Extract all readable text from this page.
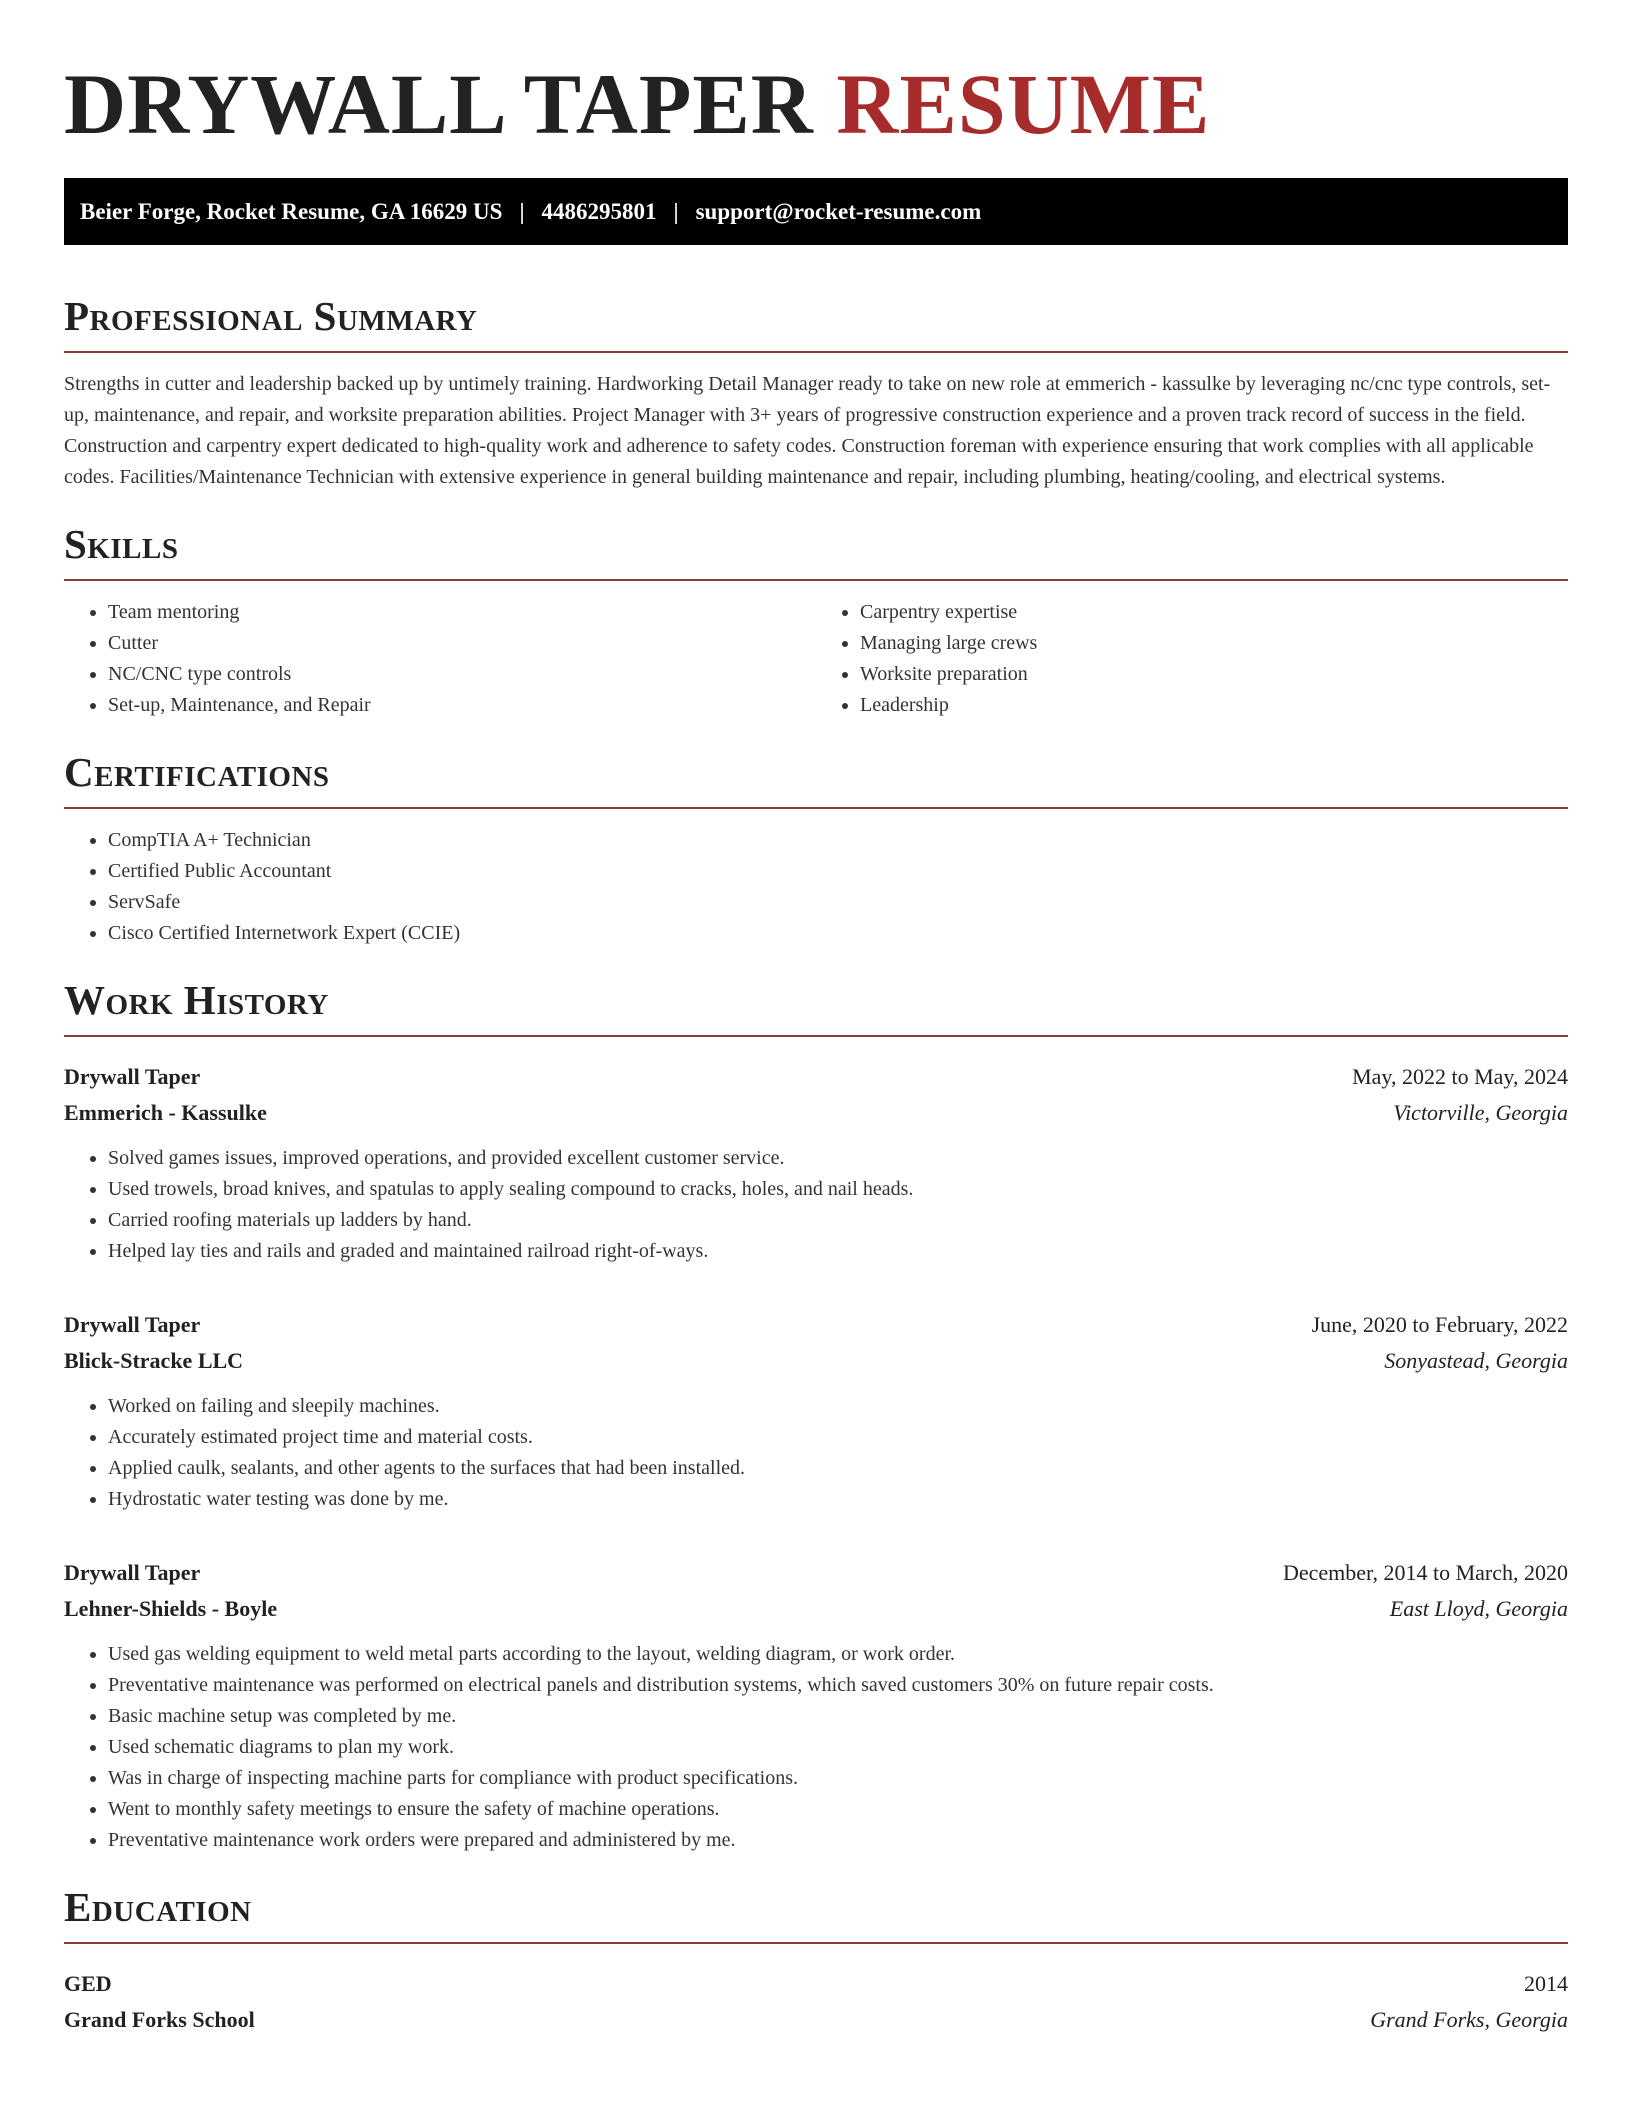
DRYWALL TAPER RESUME
Beier Forge, Rocket Resume, GA 16629 US | 4486295801 | support@rocket-resume.com
Professional Summary

Strengths in cutter and leadership backed up by untimely training. Hardworking Detail Manager ready to take on new role at emmerich - kassulke by leveraging nc/cnc type controls, set-up, maintenance, and repair, and worksite preparation abilities. Project Manager with 3+ years of progressive construction experience and a proven track record of success in the field. Construction and carpentry expert dedicated to high-quality work and adherence to safety codes. Construction foreman with experience ensuring that work complies with all applicable codes. Facilities/Maintenance Technician with extensive experience in general building maintenance and repair, including plumbing, heating/cooling, and electrical systems.

Skills
• Team mentoring
• Cutter
• NC/CNC type controls
• Set-up, Maintenance, and Repair
• Carpentry expertise
• Managing large crews
• Worksite preparation
• Leadership
Certifications
• CompTIA A+ Technician
• Certified Public Accountant
• ServSafe
• Cisco Certified Internetwork Expert (CCIE)
Work History
Drywall Taper	May, 2022 to May, 2024
Emmerich - Kassulke	Victorville, Georgia
• Solved games issues, improved operations, and provided excellent customer service.
• Used trowels, broad knives, and spatulas to apply sealing compound to cracks, holes, and nail heads.
• Carried roofing materials up ladders by hand.
• Helped lay ties and rails and graded and maintained railroad right-of-ways.
Drywall Taper	June, 2020 to February, 2022
Blick-Stracke LLC	Sonyastead, Georgia
• Worked on failing and sleepily machines.
• Accurately estimated project time and material costs.
• Applied caulk, sealants, and other agents to the surfaces that had been installed.
• Hydrostatic water testing was done by me.
Drywall Taper	December, 2014 to March, 2020
Lehner-Shields - Boyle	East Lloyd, Georgia
• Used gas welding equipment to weld metal parts according to the layout, welding diagram, or work order.
• Preventative maintenance was performed on electrical panels and distribution systems, which saved customers 30% on future repair costs.
• Basic machine setup was completed by me.
• Used schematic diagrams to plan my work.
• Was in charge of inspecting machine parts for compliance with product specifications.
• Went to monthly safety meetings to ensure the safety of machine operations.
• Preventative maintenance work orders were prepared and administered by me.
Education
GED	2014
Grand Forks School	Grand Forks, Georgia
